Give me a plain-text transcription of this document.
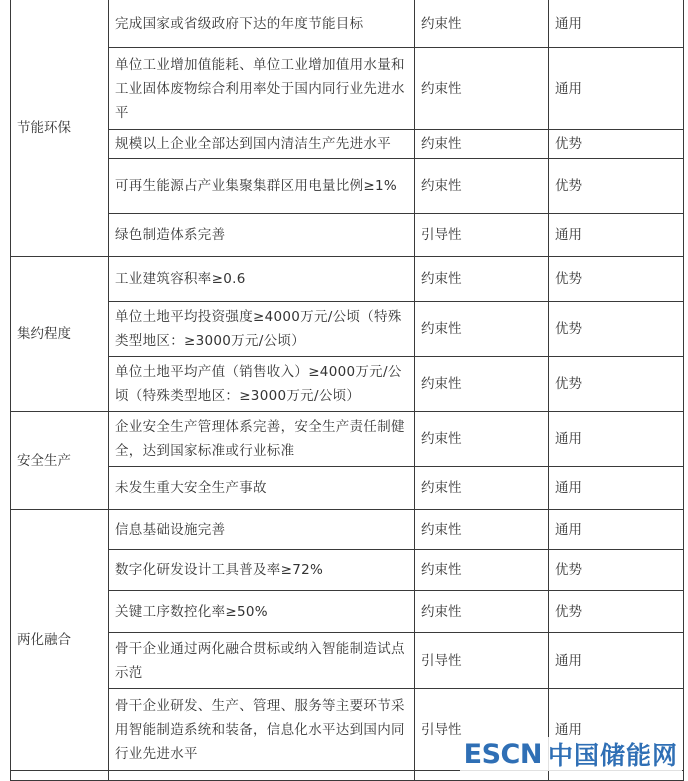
节能环保	完成国家或省级政府下达的年度节能目标	约束性	通用
	单位工业增加值能耗、单位工业增加值用水量和工业固体废物综合利用率处于国内同行业先进水平	约束性	通用
	规模以上企业全部达到国内清洁生产先进水平	约束性	优势
	可再生能源占产业集聚集群区用电量比例≥1%	约束性	优势
	绿色制造体系完善	引导性	通用
集约程度	工业建筑容积率≥0.6	约束性	优势
	单位土地平均投资强度≥4000万元/公顷（特殊类型地区：≥3000万元/公顷）	约束性	优势
	单位土地平均产值（销售收入）≥4000万元/公顷（特殊类型地区：≥3000万元/公顷）	约束性	优势
安全生产	企业安全生产管理体系完善，安全生产责任制健全，达到国家标准或行业标准	约束性	通用
	未发生重大安全生产事故	约束性	通用
两化融合	信息基础设施完善	约束性	通用
	数字化研发设计工具普及率≥72%	约束性	优势
	关键工序数控化率≥50%	约束性	优势
	骨干企业通过两化融合贯标或纳入智能制造试点示范	引导性	通用
	骨干企业研发、生产、管理、服务等主要环节采用智能制造系统和装备，信息化水平达到国内同行业先进水平	引导性	通用

ESCN 中国储能网
